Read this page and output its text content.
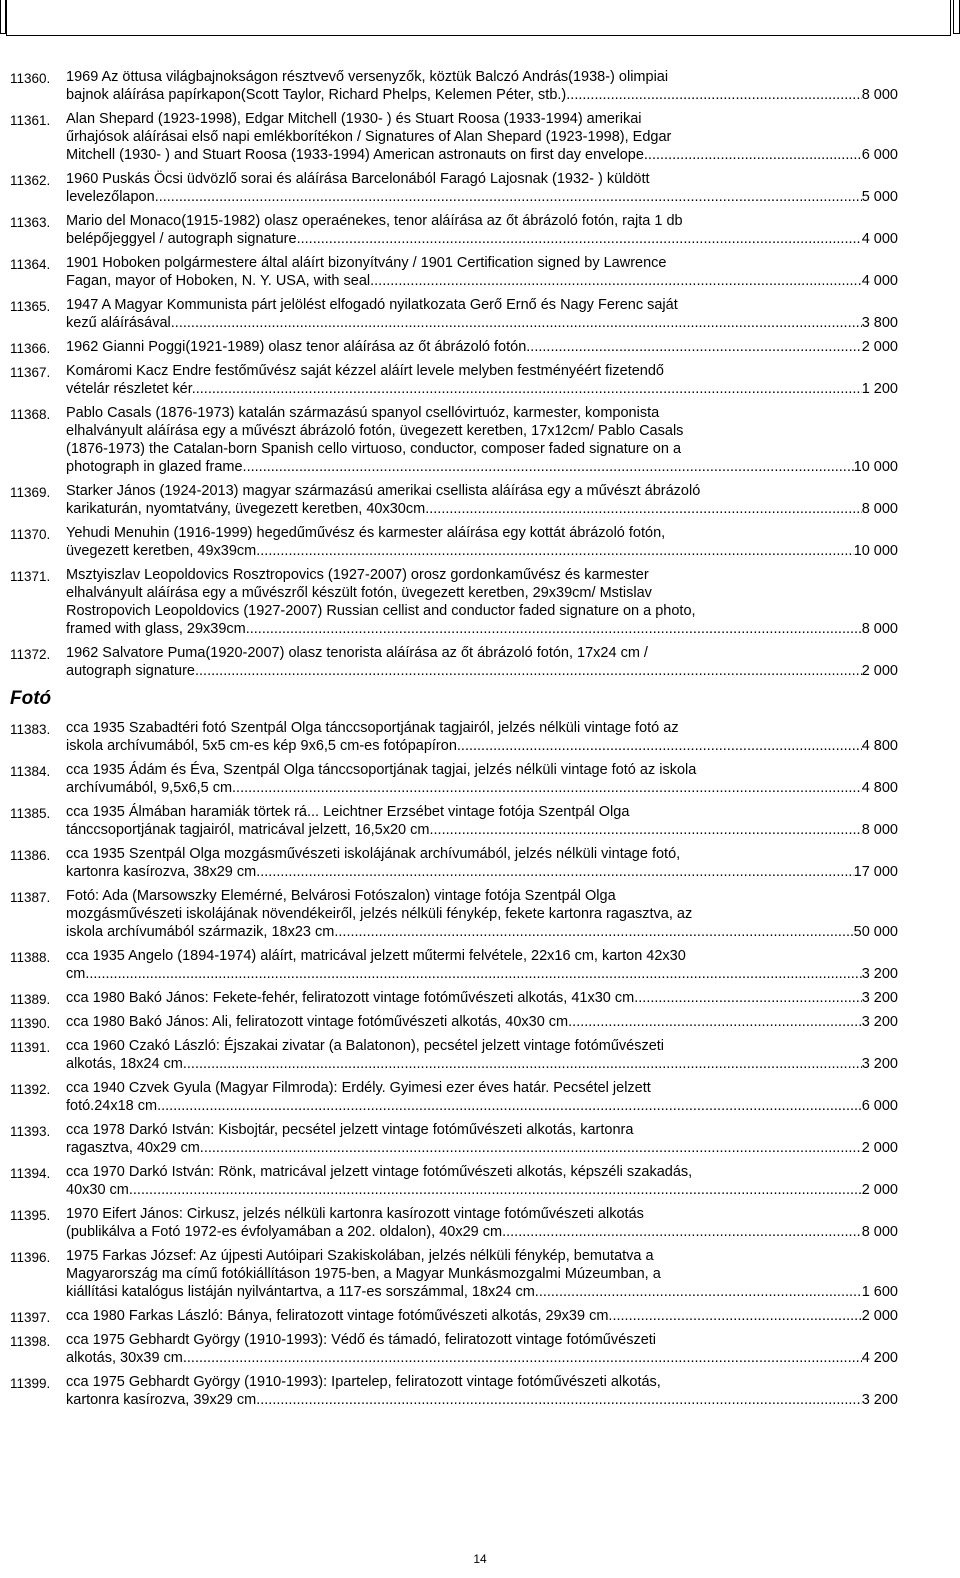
11360.	1969 Az öttusa világbajnokságon résztvevő versenyzők, köztük Balczó András(1938-) olimpiai
bajnok aláírása papírkapon(Scott Taylor, Richard Phelps, Kelemen Péter, stb.) .....	8 000
11361.	Alan Shepard (1923-1998), Edgar Mitchell (1930- ) és Stuart Roosa (1933-1994) amerikai
űrhajósok aláírásai első napi emlékborítékon / Signatures of Alan Shepard (1923-1998), Edgar
Mitchell (1930- ) and Stuart Roosa (1933-1994) American astronauts on first day envelope .....	6 000
11362.	1960 Puskás Öcsi üdvözlő sorai és aláírása Barcelonából Faragó Lajosnak (1932- ) küldött
levelezőlapon .....	5 000
11363.	Mario del Monaco(1915-1982) olasz operaénekes, tenor aláírása az őt ábrázoló fotón, rajta 1 db
belépőjeggyel / autograph signature .....	4 000
11364.	1901 Hoboken polgármestere által aláírt bizonyítvány / 1901 Certification signed by Lawrence
Fagan, mayor of Hoboken, N. Y. USA, with seal .....	4 000
11365.	1947 A Magyar Kommunista párt jelölést elfogadó nyilatkozata Gerő Ernő és Nagy Ferenc saját
kezű aláírásával .....	3 800
11366.	1962 Gianni Poggi(1921-1989) olasz tenor aláírása az őt ábrázoló fotón .....	2 000
11367.	Komáromi Kacz Endre festőművész saját kézzel aláírt levele melyben festményéért fizetendő
vételár részletet kér. .....	1 200
11368.	Pablo Casals (1876-1973) katalán származású spanyol csellóvirtuóz, karmester, komponista
elhalványult aláírása egy a művészt ábrázoló fotón, üvegezett keretben, 17x12cm/ Pablo Casals
(1876-1973) the Catalan-born Spanish cello virtuoso, conductor, composer faded signature on a
photograph in glazed frame .....	10 000
11369.	Starker János (1924-2013) magyar származású amerikai csellista aláírása egy a művészt ábrázoló
karikaturán, nyomtatvány, üvegezett keretben, 40x30cm .....	8 000
11370.	Yehudi Menuhin (1916-1999) hegedűművész és karmester aláírása egy kottát ábrázoló fotón,
üvegezett keretben, 49x39cm .....	10 000
11371.	Msztyiszlav Leopoldovics Rosztropovics (1927-2007) orosz gordonkaművész és karmester
elhalványult aláírása egy a művészről készült fotón, üvegezett keretben, 29x39cm/ Mstislav
Rostropovich Leopoldovics (1927-2007) Russian cellist and conductor faded signature on a photo,
framed with glass, 29x39cm .....	8 000
11372.	1962 Salvatore Puma(1920-2007) olasz tenorista aláírása az őt ábrázoló fotón, 17x24 cm /
autograph signature .....	2 000
Fotó
11383.	cca 1935 Szabadtéri fotó Szentpál Olga tánccsoportjának tagjairól, jelzés nélküli vintage fotó az
iskola archívumából, 5x5 cm-es kép 9x6,5 cm-es fotópapíron .....	4 800
11384.	cca 1935 Ádám és Éva, Szentpál Olga tánccsoportjának tagjai, jelzés nélküli vintage fotó az iskola
archívumából, 9,5x6,5 cm .....	4 800
11385.	cca 1935 Álmában haramiák törtek rá... Leichtner Erzsébet vintage fotója Szentpál Olga
tánccsoportjának tagjairól, matricával jelzett, 16,5x20 cm .....	8 000
11386.	cca 1935 Szentpál Olga mozgásművészeti iskolájának archívumából, jelzés nélküli vintage fotó,
kartonra kasírozva, 38x29 cm .....	17 000
11387.	Fotó: Ada (Marsowszky Elemérné, Belvárosi Fotószalon) vintage fotója Szentpál Olga
mozgásművészeti iskolájának növendékeiről, jelzés nélküli fénykép, fekete kartonra ragasztva, az
iskola archívumából származik, 18x23 cm. .....	50 000
11388.	cca 1935 Angelo (1894-1974) aláírt, matricával jelzett műtermi felvétele, 22x16 cm, karton 42x30
cm .....	3 200
11389.	cca 1980 Bakó János: Fekete-fehér, feliratozott vintage fotóművészeti alkotás, 41x30 cm .....	3 200
11390.	cca 1980 Bakó János: Ali, feliratozott vintage fotóművészeti alkotás, 40x30 cm .....	3 200
11391.	cca 1960 Czakó László: Éjszakai zivatar (a Balatonon), pecsétel jelzett vintage fotóművészeti
alkotás, 18x24 cm .....	3 200
11392.	cca 1940 Czvek Gyula (Magyar Filmroda): Erdély. Gyimesi ezer éves határ. Pecsétel jelzett
fotó.24x18 cm .....	6 000
11393.	cca 1978 Darkó István: Kisbojtár, pecsétel jelzett vintage fotóművészeti alkotás, kartonra
ragasztva, 40x29 cm .....	2 000
11394.	cca 1970 Darkó István: Rönk, matricával jelzett vintage fotóművészeti alkotás, képszéli szakadás,
40x30 cm .....	2 000
11395.	1970 Eifert János: Cirkusz, jelzés nélküli kartonra kasírozott vintage fotóművészeti alkotás
(publikálva a Fotó 1972-es évfolyamában a 202. oldalon), 40x29 cm .....	8 000
11396.	1975 Farkas József: Az újpesti Autóipari Szakiskolában, jelzés nélküli fénykép, bemutatva a
Magyarország ma című fotókiállításon 1975-ben, a Magyar Munkásmozgalmi Múzeumban, a
kiállítási katalógus listáján nyilvántartva, a 117-es sorszámmal, 18x24 cm. .....	1 600
11397.	cca 1980 Farkas László: Bánya, feliratozott vintage fotóművészeti alkotás, 29x39 cm. .....	2 000
11398.	cca 1975 Gebhardt György (1910-1993): Védő és támadó, feliratozott vintage fotóművészeti
alkotás, 30x39 cm .....	4 200
11399.	cca 1975 Gebhardt György (1910-1993): Ipartelep, feliratozott vintage fotóművészeti alkotás,
kartonra kasírozva, 39x29 cm .....	3 200
14
